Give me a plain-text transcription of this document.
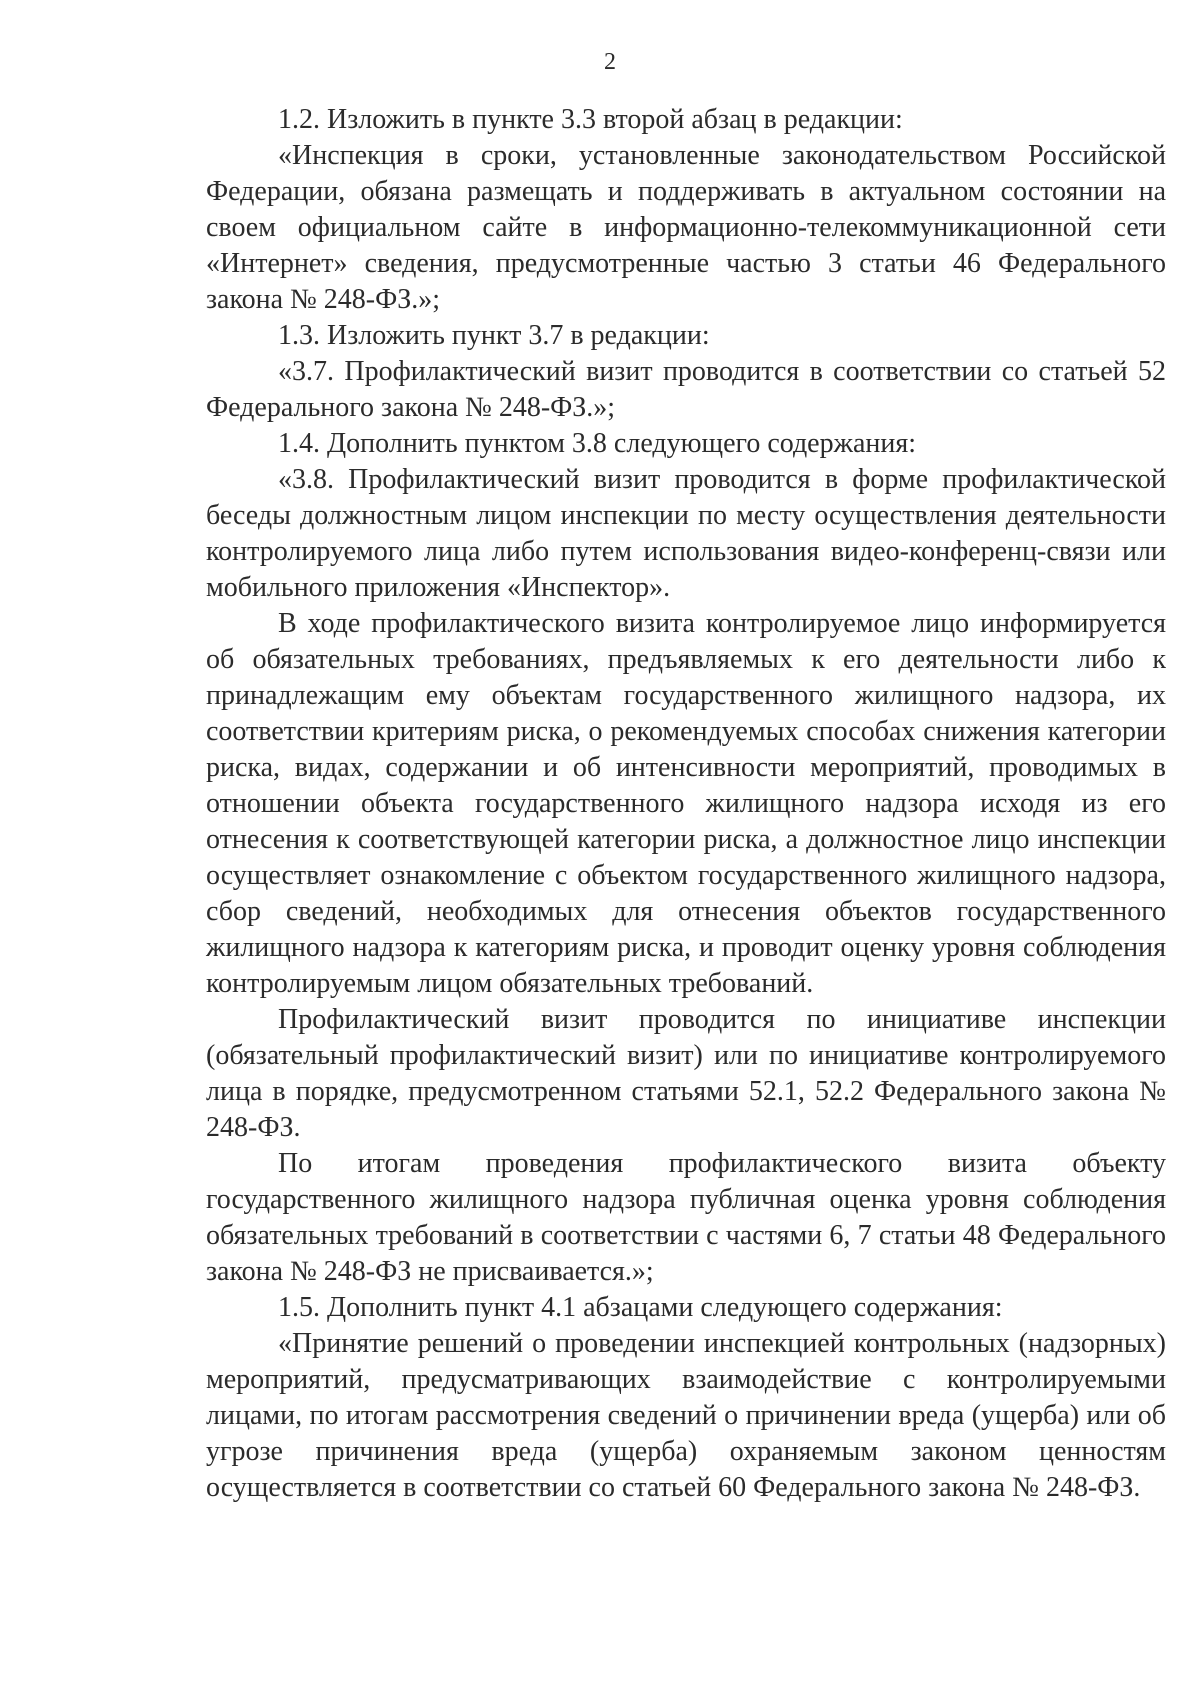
2

1.2. Изложить в пункте 3.3 второй абзац в редакции:

«Инспекция в сроки, установленные законодательством Российской Федерации, обязана размещать и поддерживать в актуальном состоянии на своем официальном сайте в информационно-телекоммуникационной сети «Интернет» сведения, предусмотренные частью 3 статьи 46 Федерального закона № 248-ФЗ.»;

1.3. Изложить пункт 3.7 в редакции:

«3.7. Профилактический визит проводится в соответствии со статьей 52 Федерального закона № 248-ФЗ.»;

1.4. Дополнить пунктом 3.8 следующего содержания:

«3.8. Профилактический визит проводится в форме профилактической беседы должностным лицом инспекции по месту осуществления деятельности контролируемого лица либо путем использования видео-конференц-связи или мобильного приложения «Инспектор».

В ходе профилактического визита контролируемое лицо информируется об обязательных требованиях, предъявляемых к его деятельности либо к принадлежащим ему объектам государственного жилищного надзора, их соответствии критериям риска, о рекомендуемых способах снижения категории риска, видах, содержании и об интенсивности мероприятий, проводимых в отношении объекта государственного жилищного надзора исходя из его отнесения к соответствующей категории риска, а должностное лицо инспекции осуществляет ознакомление с объектом государственного жилищного надзора, сбор сведений, необходимых для отнесения объектов государственного жилищного надзора к категориям риска, и проводит оценку уровня соблюдения контролируемым лицом обязательных требований.

Профилактический визит проводится по инициативе инспекции (обязательный профилактический визит) или по инициативе контролируемого лица в порядке, предусмотренном статьями 52.1, 52.2 Федерального закона № 248-ФЗ.

По итогам проведения профилактического визита объекту государственного жилищного надзора публичная оценка уровня соблюдения обязательных требований в соответствии с частями 6, 7 статьи 48 Федерального закона № 248-ФЗ не присваивается.»;

1.5. Дополнить пункт 4.1 абзацами следующего содержания:

«Принятие решений о проведении инспекцией контрольных (надзорных) мероприятий, предусматривающих взаимодействие с контролируемыми лицами, по итогам рассмотрения сведений о причинении вреда (ущерба) или об угрозе причинения вреда (ущерба) охраняемым законом ценностям осуществляется в соответствии со статьей 60 Федерального закона № 248-ФЗ.
